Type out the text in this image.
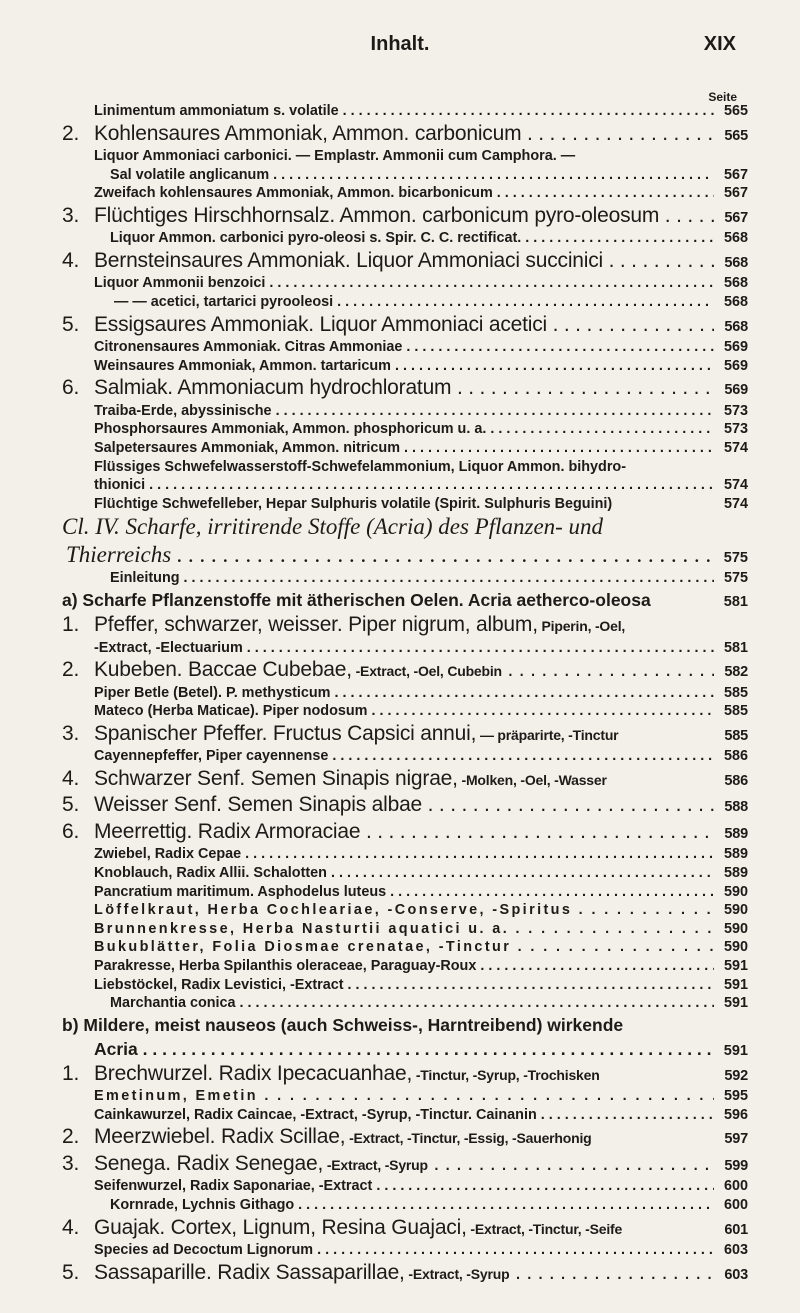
Inhalt.	XIX
Seite
Linimentum ammoniatum s. volatile . . .	565
2. Kohlensaures Ammoniak, Ammon. carbonicum . . .	565
Liquor Ammoniaci carbonici. — Emplastr. Ammonii cum Camphora. —
Sal volatile anglicanum . . .	567
Zweifach kohlensaures Ammoniak, Ammon. bicarbonicum . . .	567
3. Flüchtiges Hirschhornsalz. Ammon. carbonicum pyro-oleosum . . .	567
Liquor Ammon. carbonici pyro-oleosi s. Spir. C. C. rectificat. . . .	568
4. Bernsteinsaures Ammoniak. Liquor Ammoniaci succinici . . .	568
Liquor Ammonii benzoici . . .	568
— — acetici, tartarici pyrooleosi . . .	568
5. Essigsaures Ammoniak. Liquor Ammoniaci acetici . . .	568
Citronensaures Ammoniak. Citras Ammoniae . . .	569
Weinsaures Ammoniak, Ammon. tartaricum . . .	569
6. Salmiak. Ammoniacum hydrochloratum . . .	569
Traiba-Erde, abyssinische . . .	573
Phosphorsaures Ammoniak, Ammon. phosphoricum u. a. . . .	573
Salpetersaures Ammoniak, Ammon. nitricum . . .	574
Flüssiges Schwefelwasserstoff-Schwefelammonium, Liquor Ammon. bihydro-
thionici . . .	574
Flüchtige Schwefelleber, Hepar Sulphuris volatile (Spirit. Sulphuris Beguini)	574
Cl. IV. Scharfe, irritirende Stoffe (Acria) des Pflanzen- und
Thierreichs . . .	575
Einleitung . . .	575
a) Scharfe Pflanzenstoffe mit ätherischen Oelen. Acria aetherco-oleosa	581
1. Pfeffer, schwarzer, weisser. Piper nigrum, album, Piperin, -Oel,
-Extract, -Electuarium . . .	581
2. Kubeben. Baccae Cubebae, -Extract, -Oel, Cubebin . . .	582
Piper Betle (Betel). P. methysticum . . .	585
Mateco (Herba Maticae). Piper nodosum . . .	585
3. Spanischer Pfeffer. Fructus Capsici annui, — präparirte, -Tinctur	585
Cayennepfeffer, Piper cayennense . . .	586
4. Schwarzer Senf. Semen Sinapis nigrae, -Molken, -Oel, -Wasser	586
5. Weisser Senf. Semen Sinapis albae . . .	588
6. Meerrettig. Radix Armoraciae . . .	589
Zwiebel, Radix Cepae . . .	589
Knoblauch, Radix Allii. Schalotten . . .	589
Pancratium maritimum. Asphodelus luteus . . .	590
Löffelkraut, Herba Cochleariae, -Conserve, -Spiritus . . .	590
Brunnenkresse, Herba Nasturtii aquatici u. a. . . .	590
Bukublätter, Folia Diosmae crenatae, -Tinctur . . .	590
Parakresse, Herba Spilanthis oleraceae, Paraguay-Roux . . .	591
Liebstöckel, Radix Levistici, -Extract . . .	591
Marchantia conica . . .	591
b) Mildere, meist nauseos (auch Schweiss-, Harntreibend) wirkende
Acria . . .	591
1. Brechwurzel. Radix Ipecacuanhae, -Tinctur, -Syrup, -Trochisken	592
Emetinum, Emetin . . .	595
Cainkawurzel, Radix Caincae, -Extract, -Syrup, -Tinctur. Cainanin . . .	596
2. Meerzwiebel. Radix Scillae, -Extract, -Tinctur, -Essig, -Sauerhonig	597
3. Senega. Radix Senegae, -Extract, -Syrup . . .	599
Seifenwurzel, Radix Saponariae, -Extract . . .	600
Kornrade, Lychnis Githago . . .	600
4. Guajak. Cortex, Lignum, Resina Guajaci, -Extract, -Tinctur, -Seife	601
Species ad Decoctum Lignorum . . .	603
5. Sassaparille. Radix Sassaparillae, -Extract, -Syrup . . .	603
